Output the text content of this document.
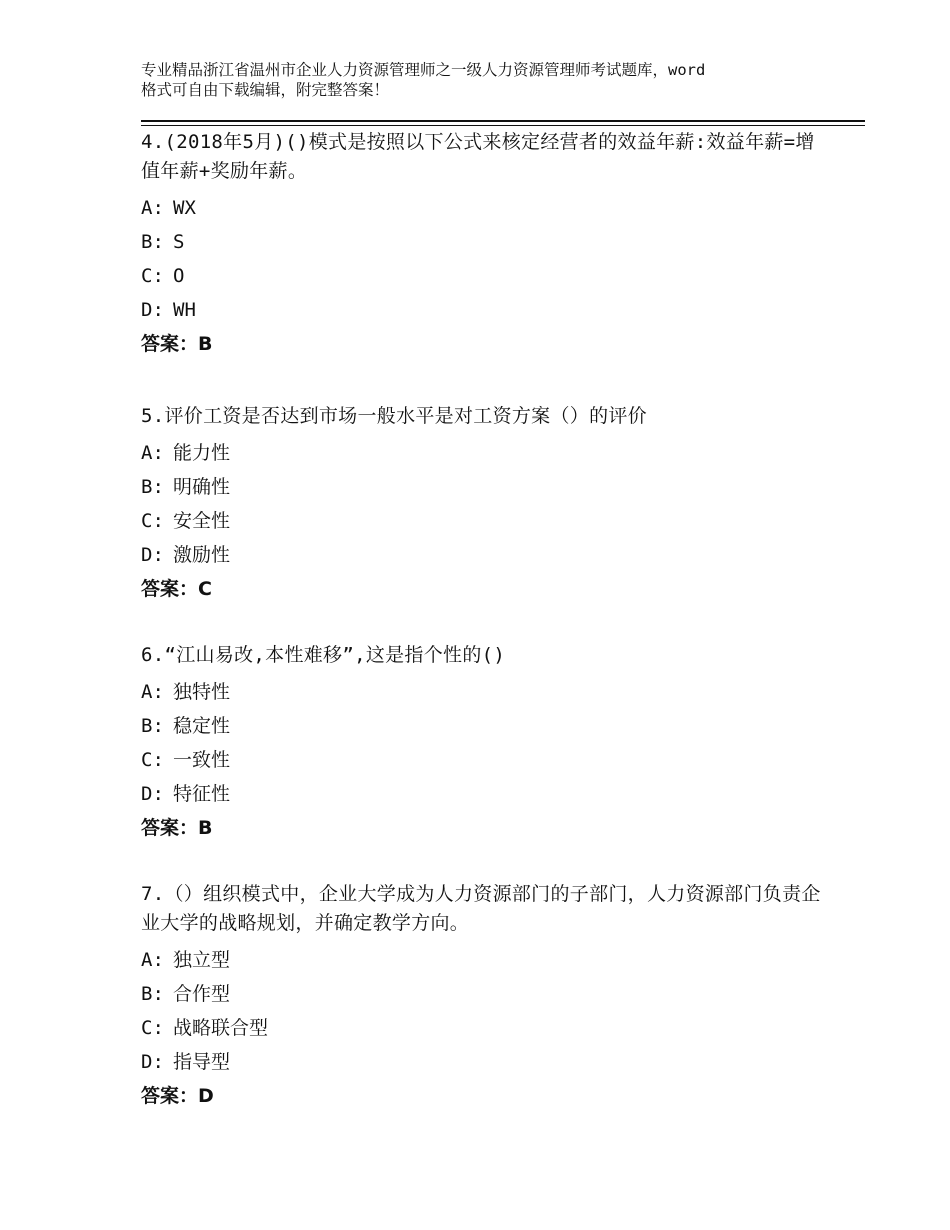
专业精品浙江省温州市企业人力资源管理师之一级人力资源管理师考试题库，word
格式可自由下载编辑，附完整答案！
4.(2018年5月)()模式是按照以下公式来核定经营者的效益年薪:效益年薪=增值年薪+奖励年薪。
A: WX
B: S
C: O
D: WH
答案：B
5.评价工资是否达到市场一般水平是对工资方案（）的评价
A: 能力性
B: 明确性
C: 安全性
D: 激励性
答案：C
6.“江山易改,本性难移”,这是指个性的()
A: 独特性
B: 稳定性
C: 一致性
D: 特征性
答案：B
7.（）组织模式中，企业大学成为人力资源部门的子部门，人力资源部门负责企业大学的战略规划，并确定教学方向。
A: 独立型
B: 合作型
C: 战略联合型
D: 指导型
答案：D
